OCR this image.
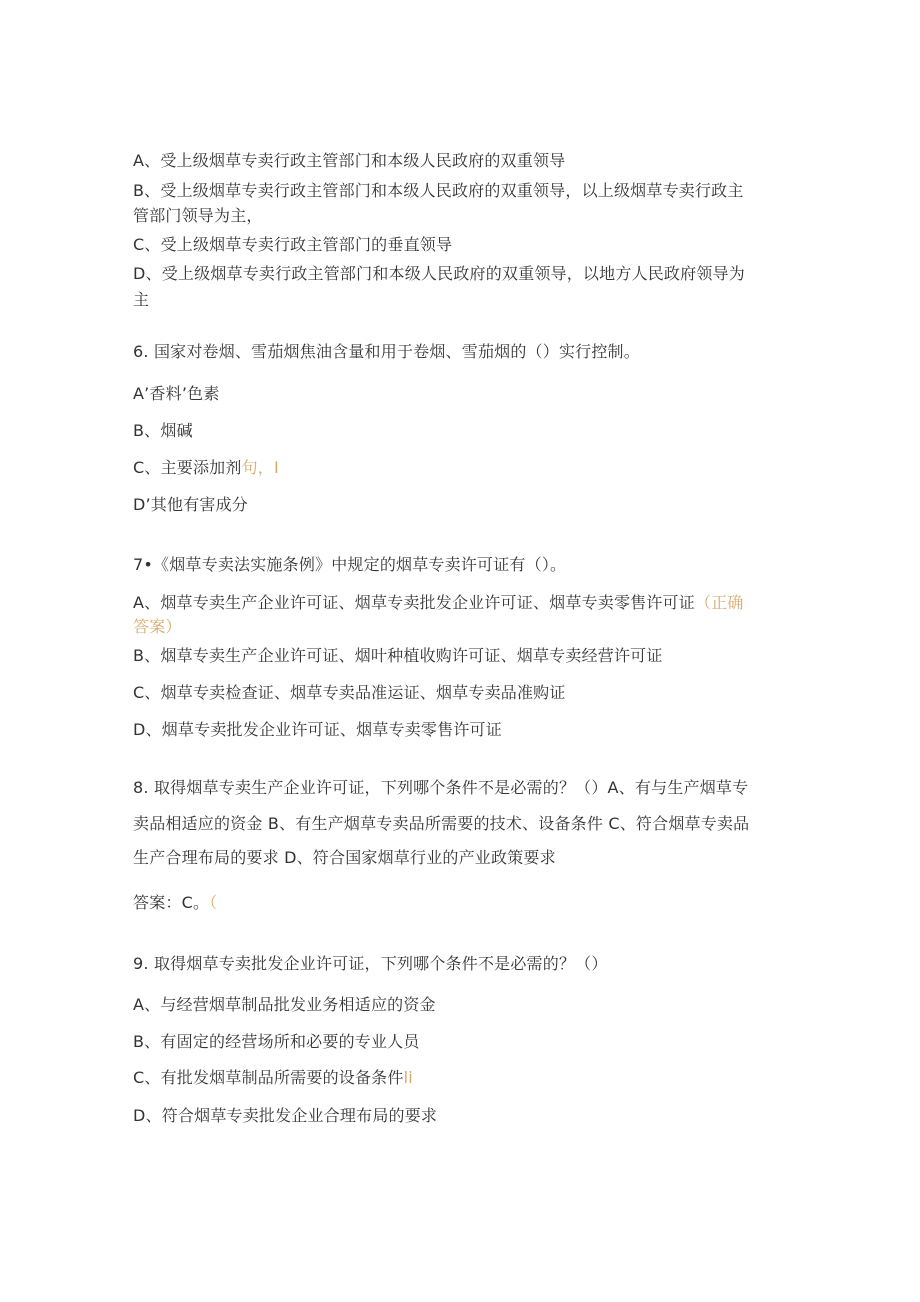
A、受上级烟草专卖行政主管部门和本级人民政府的双重领导
B、受上级烟草专卖行政主管部门和本级人民政府的双重领导，以上级烟草专卖行政主
管部门领导为主，
C、受上级烟草专卖行政主管部门的垂直领导
D、受上级烟草专卖行政主管部门和本级人民政府的双重领导，以地方人民政府领导为
主
6. 国家对卷烟、雪茄烟焦油含量和用于卷烟、雪茄烟的（）实行控制。
A’香料’色素
B、烟碱
C、主要添加剂句，I
D’其他有害成分
7•《烟草专卖法实施条例》中规定的烟草专卖许可证有（）。
A、烟草专卖生产企业许可证、烟草专卖批发企业许可证、烟草专卖零售许可证（正确
答案）
B、烟草专卖生产企业许可证、烟叶种植收购许可证、烟草专卖经营许可证
C、烟草专卖检查证、烟草专卖品准运证、烟草专卖品准购证
D、烟草专卖批发企业许可证、烟草专卖零售许可证
8. 取得烟草专卖生产企业许可证，下列哪个条件不是必需的？（）A、有与生产烟草专
卖品相适应的资金 B、有生产烟草专卖品所需要的技术、设备条件 C、符合烟草专卖品
生产合理布局的要求 D、符合国家烟草行业的产业政策要求
答案：C。（
9. 取得烟草专卖批发企业许可证，下列哪个条件不是必需的？（）
A、与经营烟草制品批发业务相适应的资金
B、有固定的经营场所和必要的专业人员
C、有批发烟草制品所需要的设备条件li
D、符合烟草专卖批发企业合理布局的要求
